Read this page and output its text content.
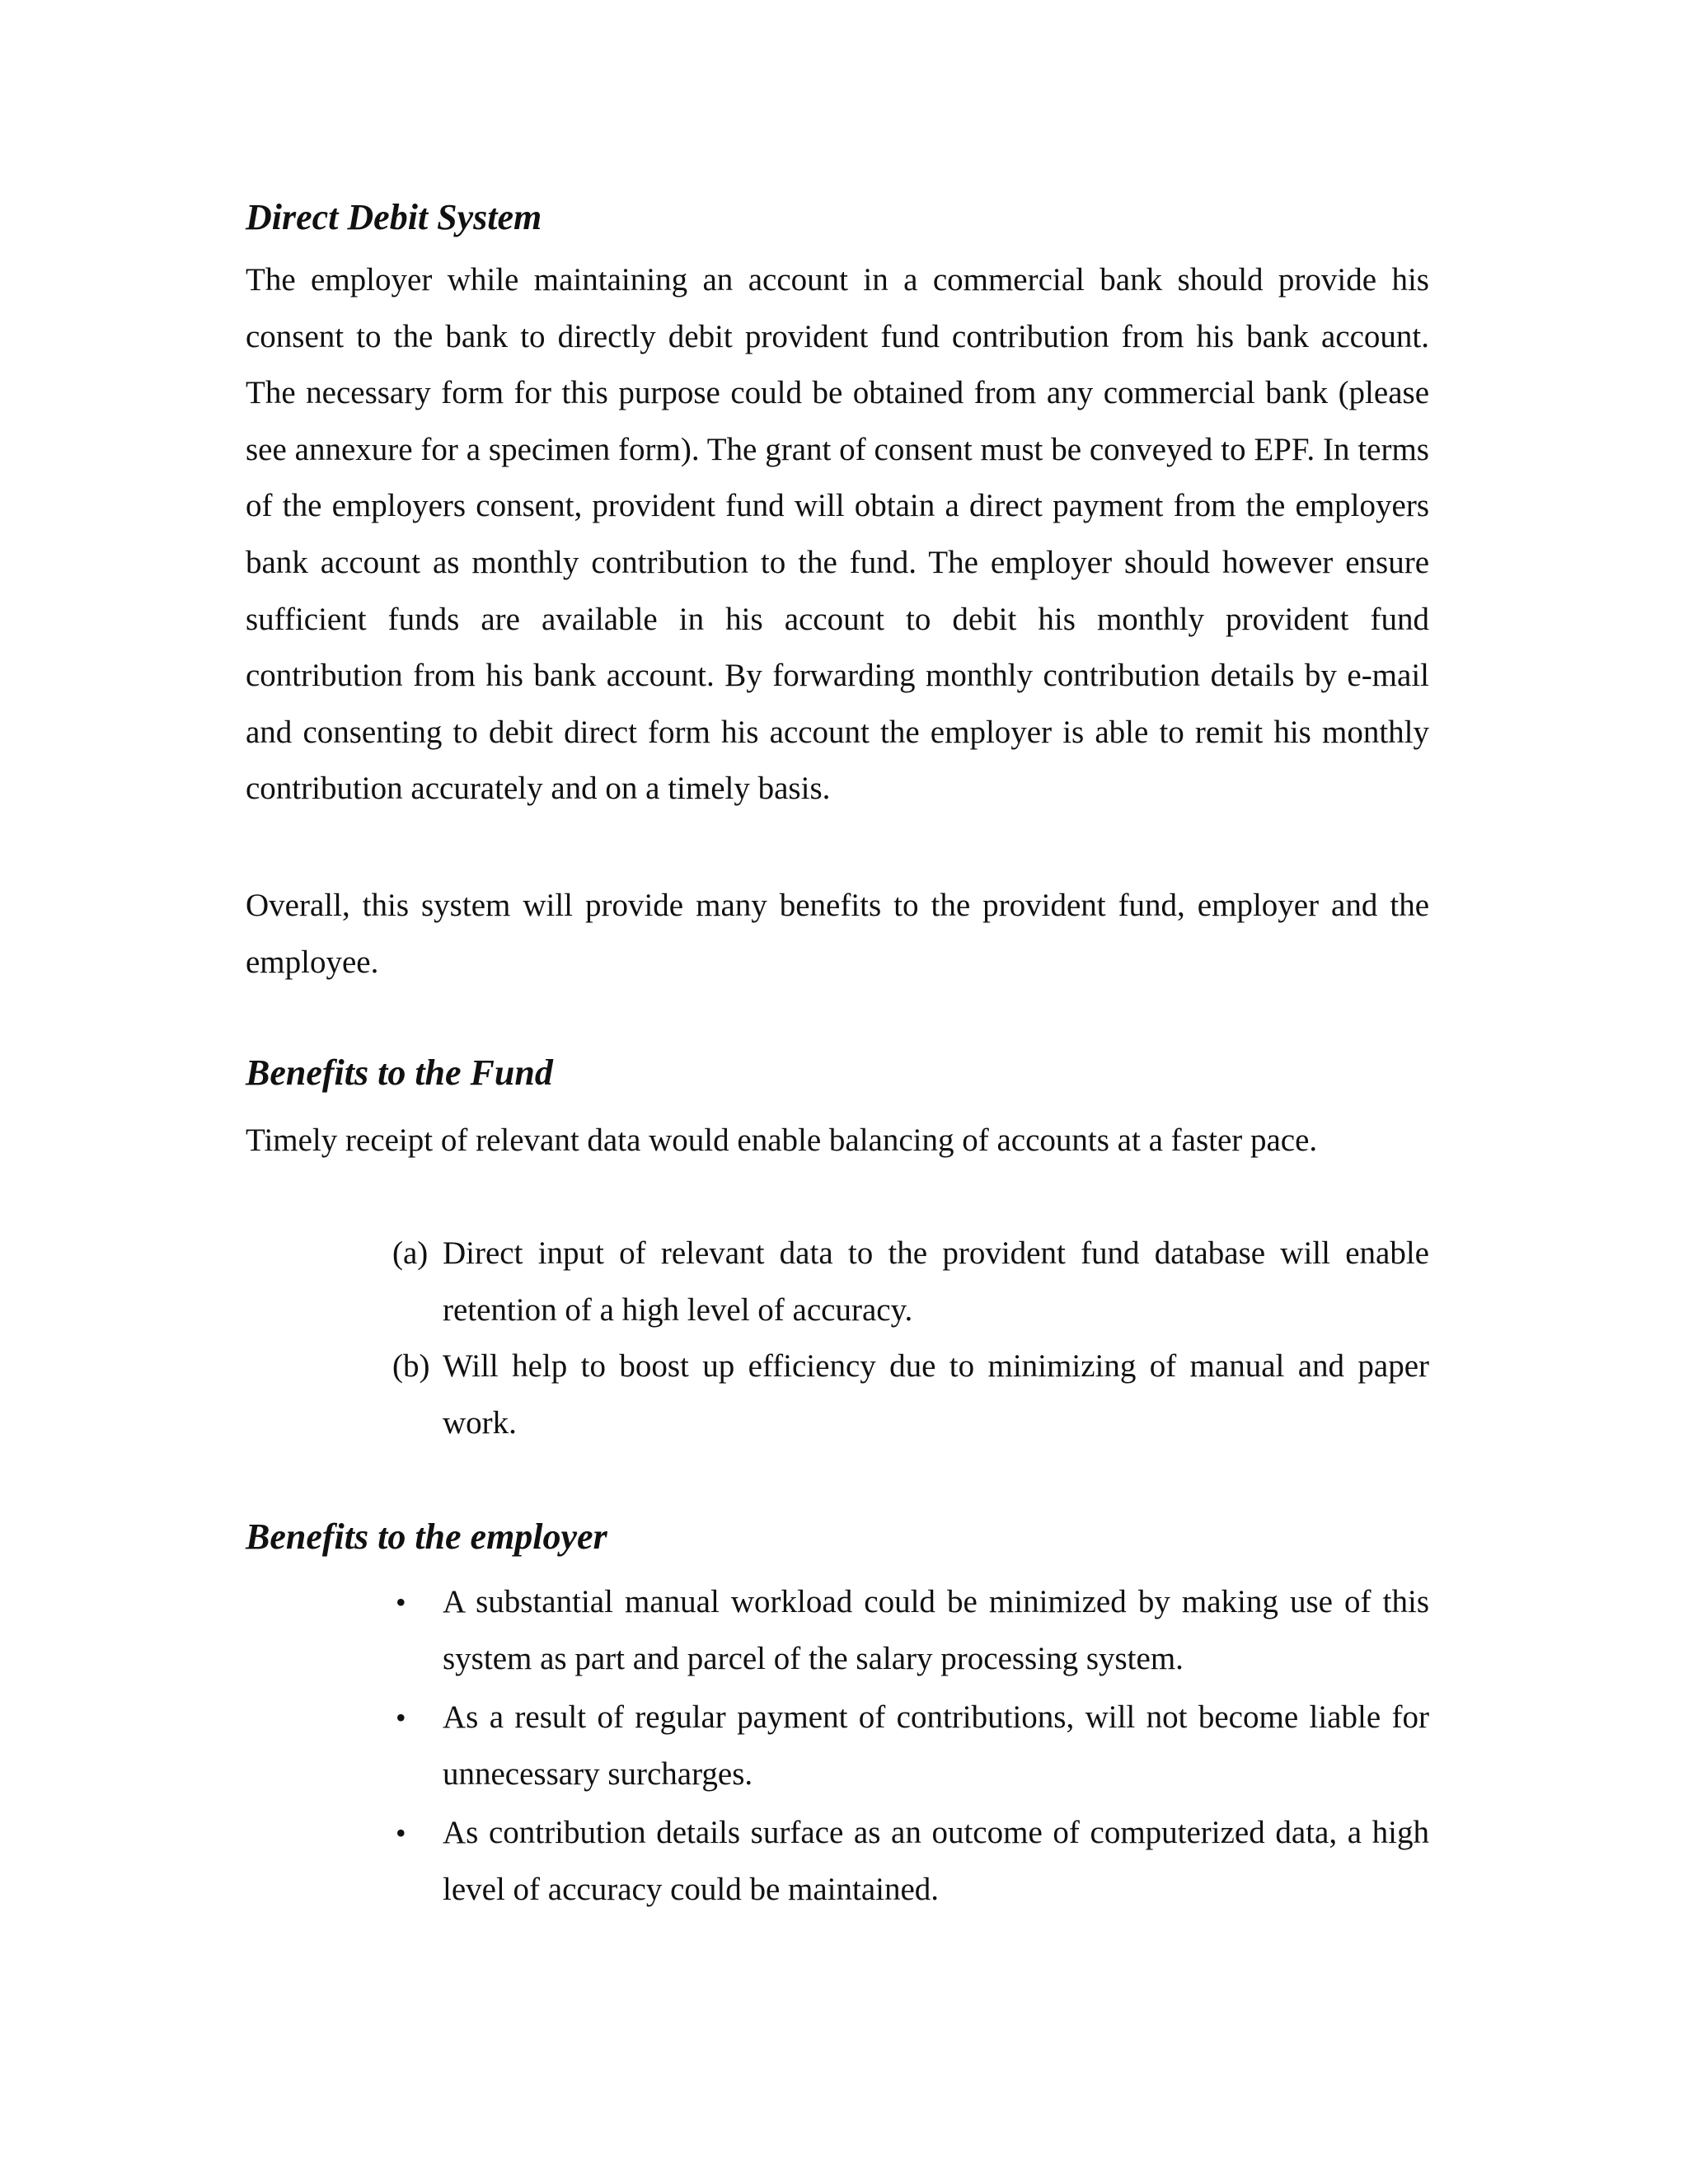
Direct Debit System

The employer while maintaining an account in a commercial bank should provide his consent to the bank to directly debit provident fund contribution from his bank account. The necessary form for this purpose could be obtained from any commercial bank (please see annexure for a specimen form). The grant of consent must be conveyed to EPF. In terms of the employers consent, provident fund will obtain a direct payment from the employers bank account as monthly contribution to the fund. The employer should however ensure sufficient funds are available in his account to debit his monthly provident fund contribution from his bank account. By forwarding monthly contribution details by e-mail and consenting to debit direct form his account the employer is able to remit his monthly contribution accurately and on a timely basis.

Overall, this system will provide many benefits to the provident fund, employer and the employee.

Benefits to the Fund

Timely receipt of relevant data would enable balancing of accounts at a faster pace.

(a) Direct input of relevant data to the provident fund database will enable retention of a high level of accuracy.
(b) Will help to boost up efficiency due to minimizing of manual and paper work.
Benefits to the employer
• A substantial manual workload could be minimized by making use of this system as part and parcel of the salary processing system.
• As a result of regular payment of contributions, will not become liable for unnecessary surcharges.
• As contribution details surface as an outcome of computerized data, a high level of accuracy could be maintained.
